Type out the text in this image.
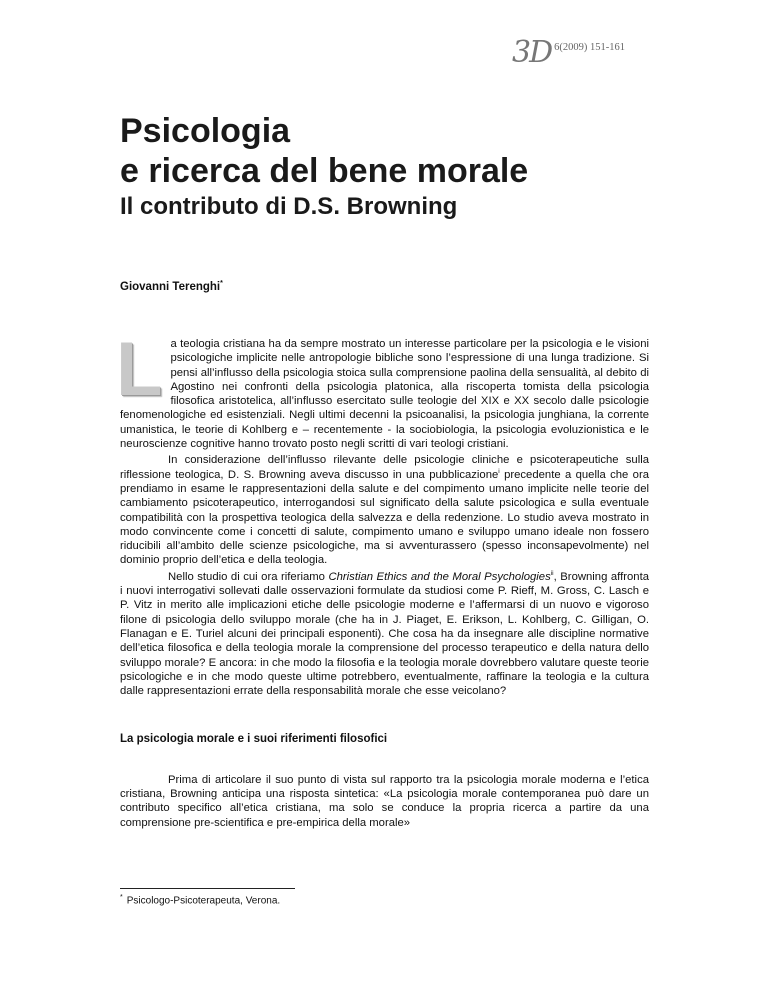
3D 6(2009) 151-161
Psicologia
e ricerca del bene morale
Il contributo di D.S. Browning
Giovanni Terenghi*

La teologia cristiana ha da sempre mostrato un interesse particolare per la psicologia e le visioni psicologiche implicite nelle antropologie bibliche sono l’espressione di una lunga tradizione. Si pensi all’influsso della psicologia stoica sulla comprensione paolina della sensualità, al debito di Agostino nei confronti della psicologia platonica, alla riscoperta tomista della psicologia filosofica aristotelica, all’influsso esercitato sulle teologie del XIX e XX secolo dalle psicologie fenomenologiche ed esistenziali. Negli ultimi decenni la psicoanalisi, la psicologia junghiana, la corrente umanistica, le teorie di Kohlberg e – recentemente - la sociobiologia, la psicologia evoluzionistica e le neuroscienze cognitive hanno trovato posto negli scritti di vari teologi cristiani.

In considerazione dell’influsso rilevante delle psicologie cliniche e psicoterapeutiche sulla riflessione teologica, D. S. Browning aveva discusso in una pubblicazione$^i$ precedente a quella che ora prendiamo in esame le rappresentazioni della salute e del compimento umano implicite nelle teorie del cambiamento psicoterapeutico, interrogandosi sul significato della salute psicologica e sulla eventuale compatibilità con la prospettiva teologica della salvezza e della redenzione. Lo studio aveva mostrato in modo convincente come i concetti di salute, compimento umano e sviluppo umano ideale non fossero riducibili all’ambito delle scienze psicologiche, ma si avventurassero (spesso inconsapevolmente) nel dominio proprio dell’etica e della teologia.

Nello studio di cui ora riferiamo Christian Ethics and the Moral Psychologies$^{ii}$, Browning affronta i nuovi interrogativi sollevati dalle osservazioni formulate da studiosi come P. Rieff, M. Gross, C. Lasch e P. Vitz in merito alle implicazioni etiche delle psicologie moderne e l’affermarsi di un nuovo e vigoroso filone di psicologia dello sviluppo morale (che ha in J. Piaget, E. Erikson, L. Kohlberg, C. Gilligan, O. Flanagan e E. Turiel alcuni dei principali esponenti). Che cosa ha da insegnare alle discipline normative dell’etica filosofica e della teologia morale la comprensione del processo terapeutico e della natura dello sviluppo morale? E ancora: in che modo la filosofia e la teologia morale dovrebbero valutare queste teorie psicologiche e in che modo queste ultime potrebbero, eventualmente, raffinare la teologia e la cultura dalle rappresentazioni errate della responsabilità morale che esse veicolano?

La psicologia morale e i suoi riferimenti filosofici

Prima di articolare il suo punto di vista sul rapporto tra la psicologia morale moderna e l’etica cristiana, Browning anticipa una risposta sintetica: «La psicologia morale contemporanea può dare un contributo specifico all’etica cristiana, ma solo se conduce la propria ricerca a partire da una comprensione pre-scientifica e pre-empirica della morale»

* Psicologo-Psicoterapeuta, Verona.
